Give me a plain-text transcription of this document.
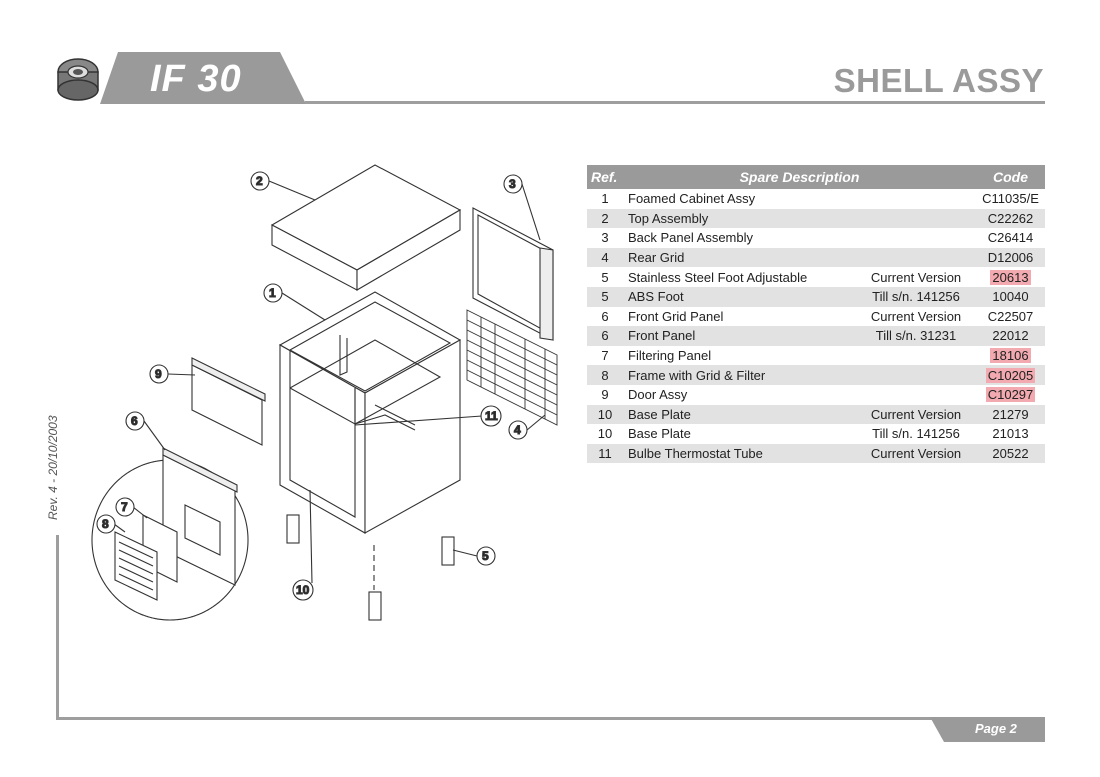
IF 30	SHELL ASSY
Rev. 4 - 20/10/2003
Page 2
1
2	3
4
5
6
7
8
9
10
11
Ref.	Spare Description		Code
1	Foamed Cabinet Assy		C11035/E
2	Top Assembly		C22262
3	Back Panel Assembly		C26414
4	Rear Grid		D12006
5	Stainless Steel Foot Adjustable	Current Version	20613
5	ABS Foot	Till s/n. 141256	10040
6	Front Grid Panel	Current Version	C22507
6	Front Panel	Till s/n. 31231	22012
7	Filtering Panel		18106
8	Frame with Grid & Filter		C10205
9	Door Assy		C10297
10	Base Plate	Current Version	21279
10	Base Plate	Till s/n. 141256	21013
11	Bulbe Thermostat Tube	Current Version	20522
